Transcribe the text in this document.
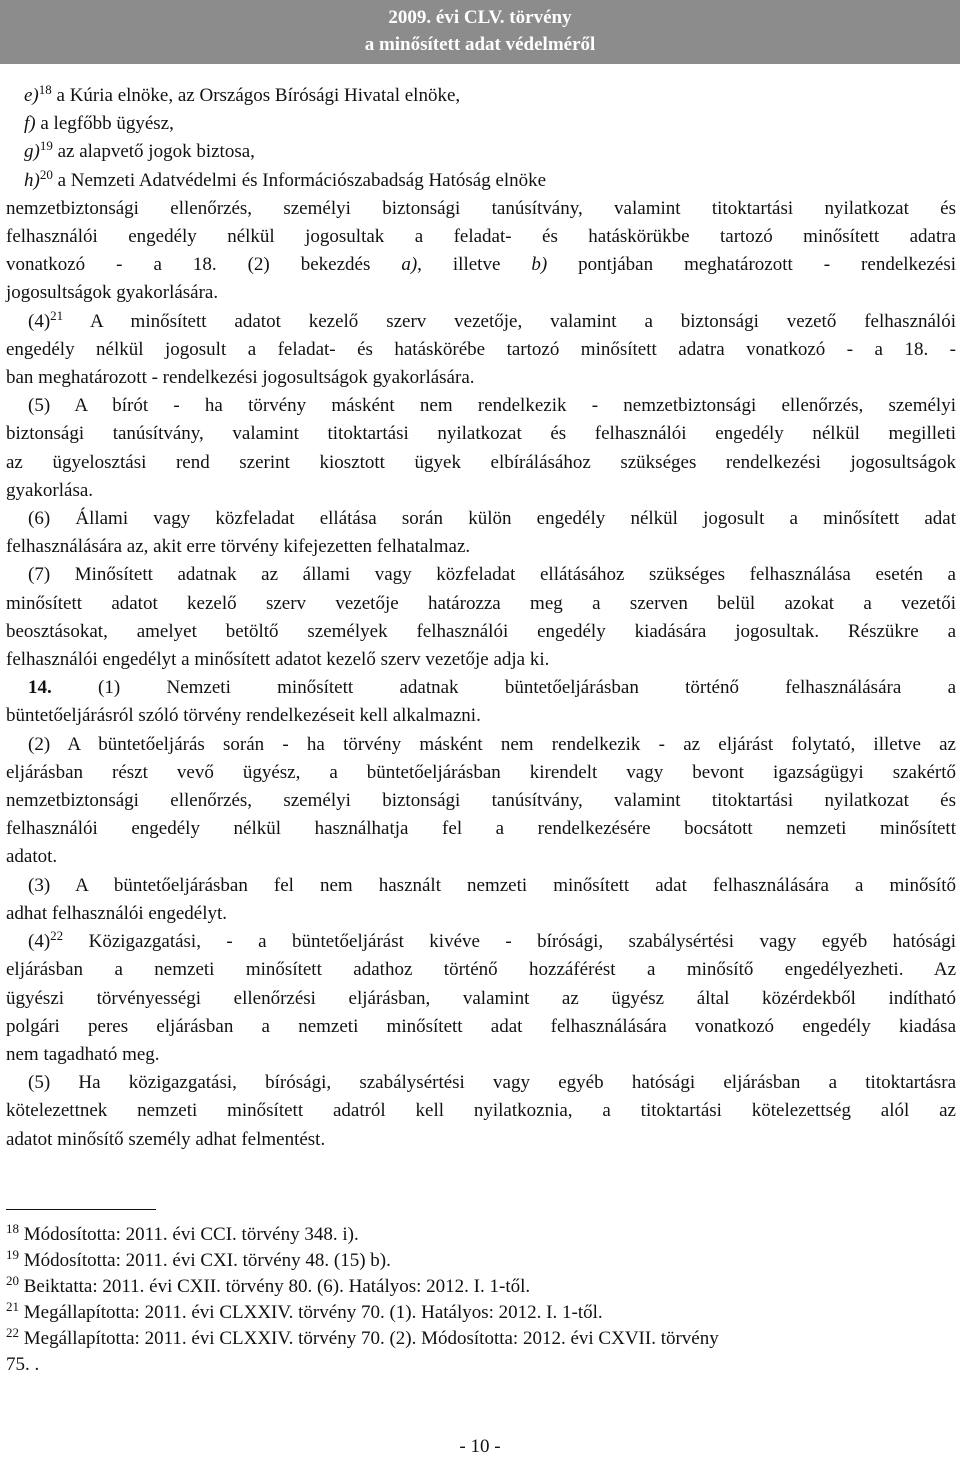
2009. évi CLV. törvény
a minősített adat védelméről

e)$^{18}$ a Kúria elnöke, az Országos Bírósági Hivatal elnöke,

f) a legfőbb ügyész,

g)$^{19}$ az alapvető jogok biztosa,

h)$^{20}$ a Nemzeti Adatvédelmi és Információszabadság Hatóság elnöke

nemzetbiztonsági ellenőrzés, személyi biztonsági tanúsítvány, valamint titoktartási nyilatkozat és

felhasználói engedély nélkül jogosultak a feladat- és hatáskörükbe tartozó minősített adatra

vonatkozó - a 18. (2) bekezdés a), illetve b) pontjában meghatározott - rendelkezési

jogosultságok gyakorlására.

$(4)^{21}$ A minősített adatot kezelő szerv vezetője, valamint a biztonsági vezető felhasználói

engedély nélkül jogosult a feladat- és hatáskörébe tartozó minősített adatra vonatkozó - a 18. -

ban meghatározott - rendelkezési jogosultságok gyakorlására.

(5) A bírót - ha törvény másként nem rendelkezik - nemzetbiztonsági ellenőrzés, személyi

biztonsági tanúsítvány, valamint titoktartási nyilatkozat és felhasználói engedély nélkül megilleti

az ügyelosztási rend szerint kiosztott ügyek elbírálásához szükséges rendelkezési jogosultságok

gyakorlása.

(6) Állami vagy közfeladat ellátása során külön engedély nélkül jogosult a minősített adat

felhasználására az, akit erre törvény kifejezetten felhatalmaz.

(7) Minősített adatnak az állami vagy közfeladat ellátásához szükséges felhasználása esetén a

minősített adatot kezelő szerv vezetője határozza meg a szerven belül azokat a vezetői

beosztásokat, amelyet betöltő személyek felhasználói engedély kiadására jogosultak. Részükre a

felhasználói engedélyt a minősített adatot kezelő szerv vezetője adja ki.

14. (1) Nemzeti minősített adatnak büntetőeljárásban történő felhasználására a

büntetőeljárásról szóló törvény rendelkezéseit kell alkalmazni.

(2) A büntetőeljárás során - ha törvény másként nem rendelkezik - az eljárást folytató, illetve az

eljárásban részt vevő ügyész, a büntetőeljárásban kirendelt vagy bevont igazságügyi szakértő

nemzetbiztonsági ellenőrzés, személyi biztonsági tanúsítvány, valamint titoktartási nyilatkozat és

felhasználói engedély nélkül használhatja fel a rendelkezésére bocsátott nemzeti minősített

adatot.

(3) A büntetőeljárásban fel nem használt nemzeti minősített adat felhasználására a minősítő

adhat felhasználói engedélyt.

$(4)^{22}$ Közigazgatási, - a büntetőeljárást kivéve - bírósági, szabálysértési vagy egyéb hatósági

eljárásban a nemzeti minősített adathoz történő hozzáférést a minősítő engedélyezheti. Az

ügyészi törvényességi ellenőrzési eljárásban, valamint az ügyész által közérdekből indítható

polgári peres eljárásban a nemzeti minősített adat felhasználására vonatkozó engedély kiadása

nem tagadható meg.

(5) Ha közigazgatási, bírósági, szabálysértési vagy egyéb hatósági eljárásban a titoktartásra

kötelezettnek nemzeti minősített adatról kell nyilatkoznia, a titoktartási kötelezettség alól az

adatot minősítő személy adhat felmentést.

$^{18}$ Módosította: 2011. évi CCI. törvény 348. i).

$^{19}$ Módosította: 2011. évi CXI. törvény 48. (15) b).

$^{20}$ Beiktatta: 2011. évi CXII. törvény 80. (6). Hatályos: 2012. I. 1-től.

$^{21}$ Megállapította: 2011. évi CLXXIV. törvény 70. (1). Hatályos: 2012. I. 1-től.

$^{22}$ Megállapította: 2011. évi CLXXIV. törvény 70. (2). Módosította: 2012. évi CXVII. törvény

75. .

- 10 -
